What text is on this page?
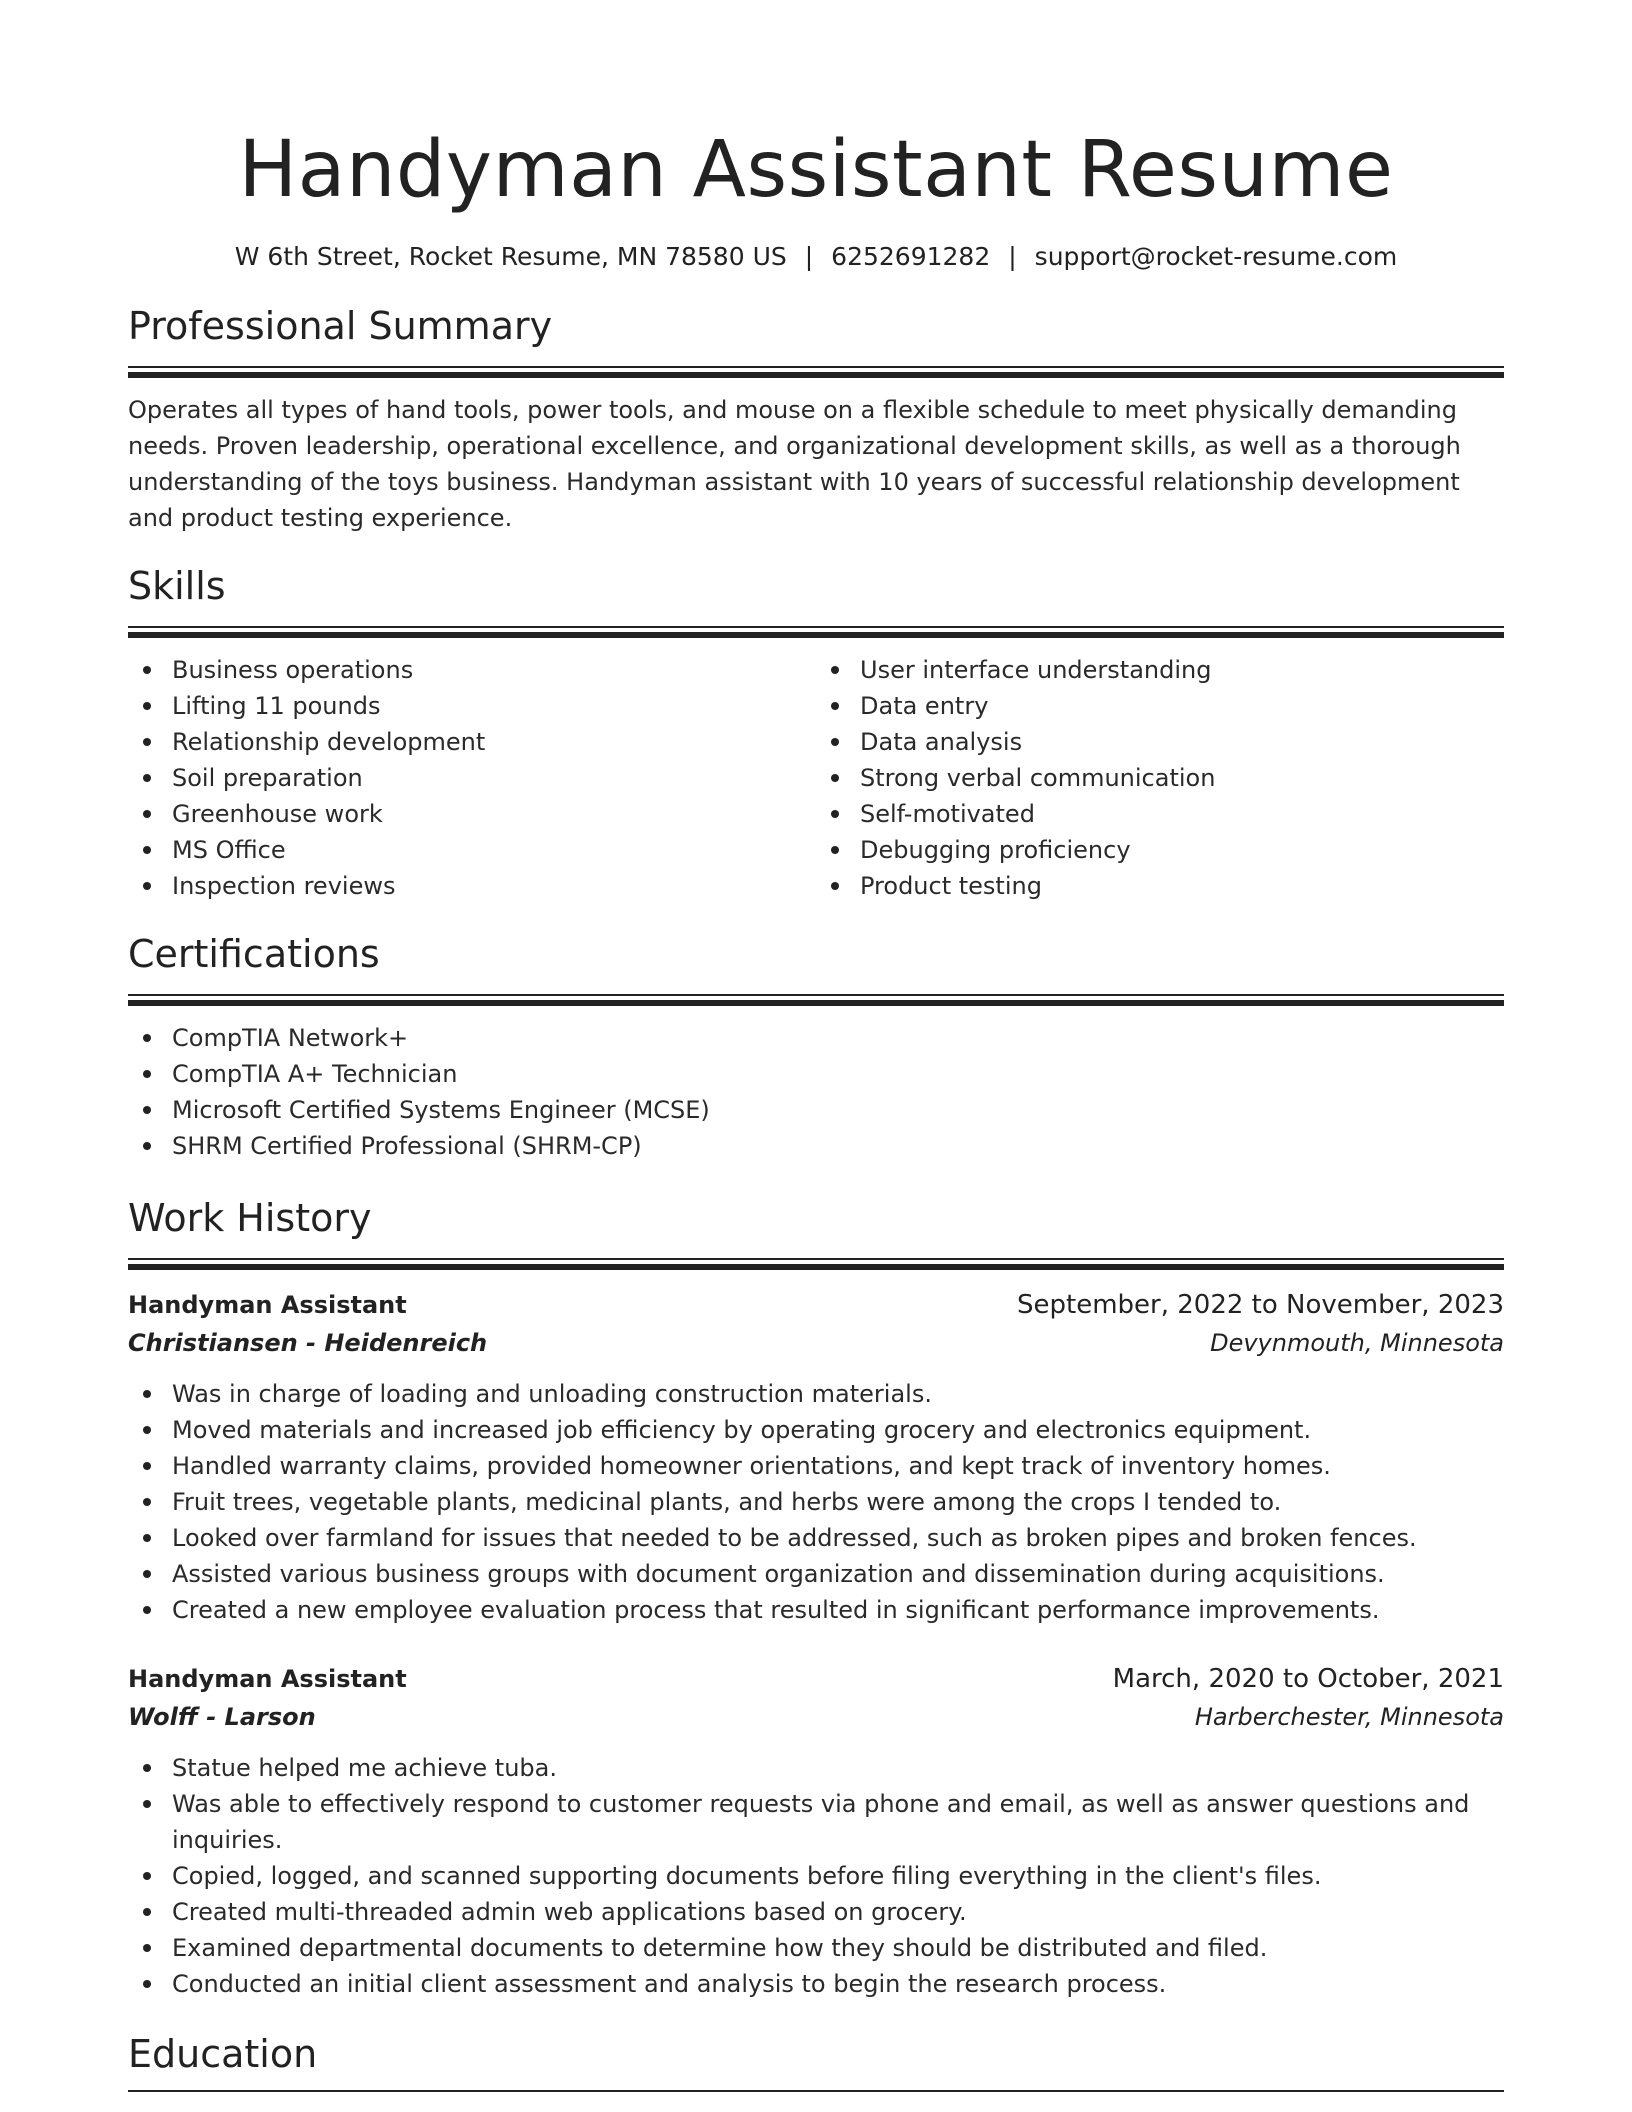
Handyman Assistant Resume
W 6th Street, Rocket Resume, MN 78580 US | 6252691282 | support@rocket-resume.com
Professional Summary

Operates all types of hand tools, power tools, and mouse on a flexible schedule to meet physically demanding needs. Proven leadership, operational excellence, and organizational development skills, as well as a thorough understanding of the toys business. Handyman assistant with 10 years of successful relationship development and product testing experience.

Skills
Business operations
Lifting 11 pounds
Relationship development
Soil preparation
Greenhouse work
MS Office
Inspection reviews
User interface understanding
Data entry
Data analysis
Strong verbal communication
Self-motivated
Debugging proficiency
Product testing
Certifications
CompTIA Network+
CompTIA A+ Technician
Microsoft Certified Systems Engineer (MCSE)
SHRM Certified Professional (SHRM-CP)
Work History
Handyman Assistant	September, 2022 to November, 2023
Christiansen - Heidenreich	Devynmouth, Minnesota
Was in charge of loading and unloading construction materials.
Moved materials and increased job efficiency by operating grocery and electronics equipment.
Handled warranty claims, provided homeowner orientations, and kept track of inventory homes.
Fruit trees, vegetable plants, medicinal plants, and herbs were among the crops I tended to.
Looked over farmland for issues that needed to be addressed, such as broken pipes and broken fences.
Assisted various business groups with document organization and dissemination during acquisitions.
Created a new employee evaluation process that resulted in significant performance improvements.
Handyman Assistant	March, 2020 to October, 2021
Wolff - Larson	Harberchester, Minnesota
Statue helped me achieve tuba.
Was able to effectively respond to customer requests via phone and email, as well as answer questions and inquiries.
Copied, logged, and scanned supporting documents before filing everything in the client's files.
Created multi-threaded admin web applications based on grocery.
Examined departmental documents to determine how they should be distributed and filed.
Conducted an initial client assessment and analysis to begin the research process.
Education
